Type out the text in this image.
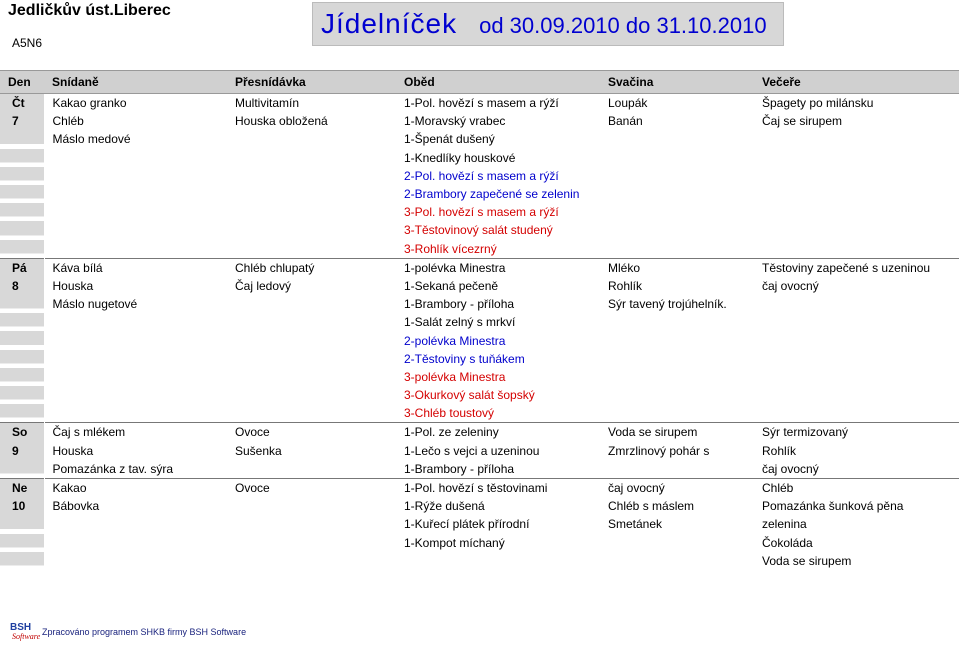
Jedličkův úst.Liberec
A5N6
Jídelníček od 30.09.2010 do 31.10.2010
Den	Snídaně	Přesnídávka	Oběd	Svačina	Večeře
Čt	Kakao granko	Multivitamín	1-Pol. hovězí s masem a rýží	Loupák	Špagety po milánsku
7	Chléb	Houska obložená	1-Moravský vrabec	Banán	Čaj se sirupem
	Máslo medové		1-Špenát dušený		
			1-Knedlíky houskové		
			2-Pol. hovězí s masem a rýží		
			2-Brambory zapečené se zelenin		
			3-Pol. hovězí s masem a rýží		
			3-Těstovinový salát studený		
			3-Rohlík vícezrný		
Pá	Káva bílá	Chléb chlupatý	1-polévka Minestra	Mléko	Těstoviny zapečené s uzeninou
8	Houska	Čaj ledový	1-Sekaná pečeně	Rohlík	čaj ovocný
	Máslo nugetové		1-Brambory - příloha	Sýr tavený trojúhelník.	
			1-Salát zelný s mrkví		
			2-polévka Minestra		
			2-Těstoviny s tuňákem		
			3-polévka Minestra		
			3-Okurkový salát šopský		
			3-Chléb toustový		
So	Čaj s mlékem	Ovoce	1-Pol. ze zeleniny	Voda se sirupem	Sýr termizovaný
9	Houska	Sušenka	1-Lečo s vejci a uzeninou	Zmrzlinový pohár s	Rohlík
	Pomazánka z tav. sýra		1-Brambory - příloha		čaj ovocný
Ne	Kakao	Ovoce	1-Pol. hovězí s těstovinami	čaj ovocný	Chléb
10	Bábovka		1-Rýže dušená	Chléb s máslem	Pomazánka šunková pěna
			1-Kuřecí plátek přírodní	Smetánek	zelenina
			1-Kompot míchaný		Čokoláda
					Voda se sirupem
BSH
Software Zpracováno programem SHKB firmy BSH Software
